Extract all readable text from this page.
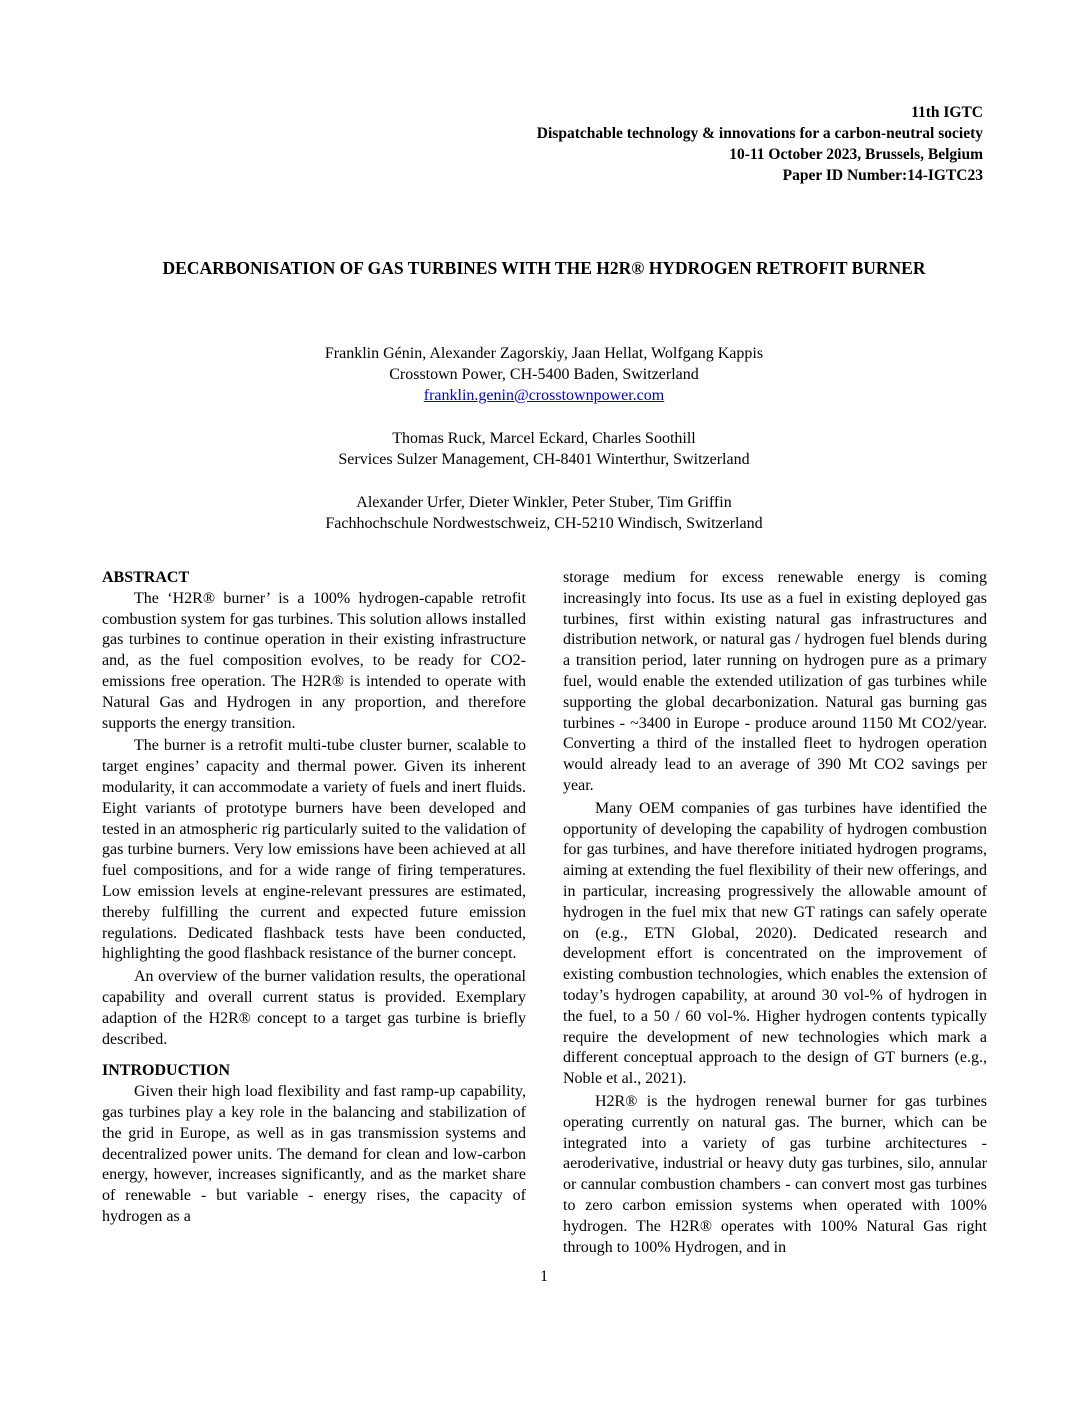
11th IGTC
Dispatchable technology & innovations for a carbon-neutral society
10-11 October 2023, Brussels, Belgium
Paper ID Number:14-IGTC23
DECARBONISATION OF GAS TURBINES WITH THE H2R® HYDROGEN RETROFIT BURNER
Franklin Génin, Alexander Zagorskiy, Jaan Hellat, Wolfgang Kappis
Crosstown Power, CH-5400 Baden, Switzerland
franklin.genin@crosstownpower.com
Thomas Ruck, Marcel Eckard, Charles Soothill
Services Sulzer Management, CH-8401 Winterthur, Switzerland
Alexander Urfer, Dieter Winkler, Peter Stuber, Tim Griffin
Fachhochschule Nordwestschweiz, CH-5210 Windisch, Switzerland
ABSTRACT

The ‘H2R® burner’ is a 100% hydrogen-capable retrofit combustion system for gas turbines. This solution allows installed gas turbines to continue operation in their existing infrastructure and, as the fuel composition evolves, to be ready for CO2-emissions free operation. The H2R® is intended to operate with Natural Gas and Hydrogen in any proportion, and therefore supports the energy transition.

The burner is a retrofit multi-tube cluster burner, scalable to target engines’ capacity and thermal power. Given its inherent modularity, it can accommodate a variety of fuels and inert fluids. Eight variants of prototype burners have been developed and tested in an atmospheric rig particularly suited to the validation of gas turbine burners. Very low emissions have been achieved at all fuel compositions, and for a wide range of firing temperatures. Low emission levels at engine-relevant pressures are estimated, thereby fulfilling the current and expected future emission regulations. Dedicated flashback tests have been conducted, highlighting the good flashback resistance of the burner concept.

An overview of the burner validation results, the operational capability and overall current status is provided. Exemplary adaption of the H2R® concept to a target gas turbine is briefly described.

INTRODUCTION

Given their high load flexibility and fast ramp-up capability, gas turbines play a key role in the balancing and stabilization of the grid in Europe, as well as in gas transmission systems and decentralized power units. The demand for clean and low-carbon energy, however, increases significantly, and as the market share of renewable - but variable - energy rises, the capacity of hydrogen as a

storage medium for excess renewable energy is coming increasingly into focus. Its use as a fuel in existing deployed gas turbines, first within existing natural gas infrastructures and distribution network, or natural gas / hydrogen fuel blends during a transition period, later running on hydrogen pure as a primary fuel, would enable the extended utilization of gas turbines while supporting the global decarbonization. Natural gas burning gas turbines - ~3400 in Europe - produce around 1150 Mt CO2/year. Converting a third of the installed fleet to hydrogen operation would already lead to an average of 390 Mt CO2 savings per year.

Many OEM companies of gas turbines have identified the opportunity of developing the capability of hydrogen combustion for gas turbines, and have therefore initiated hydrogen programs, aiming at extending the fuel flexibility of their new offerings, and in particular, increasing progressively the allowable amount of hydrogen in the fuel mix that new GT ratings can safely operate on (e.g., ETN Global, 2020). Dedicated research and development effort is concentrated on the improvement of existing combustion technologies, which enables the extension of today’s hydrogen capability, at around 30 vol-% of hydrogen in the fuel, to a 50 / 60 vol-%. Higher hydrogen contents typically require the development of new technologies which mark a different conceptual approach to the design of GT burners (e.g., Noble et al., 2021).

H2R® is the hydrogen renewal burner for gas turbines operating currently on natural gas. The burner, which can be integrated into a variety of gas turbine architectures - aeroderivative, industrial or heavy duty gas turbines, silo, annular or cannular combustion chambers - can convert most gas turbines to zero carbon emission systems when operated with 100% hydrogen. The H2R® operates with 100% Natural Gas right through to 100% Hydrogen, and in

1
